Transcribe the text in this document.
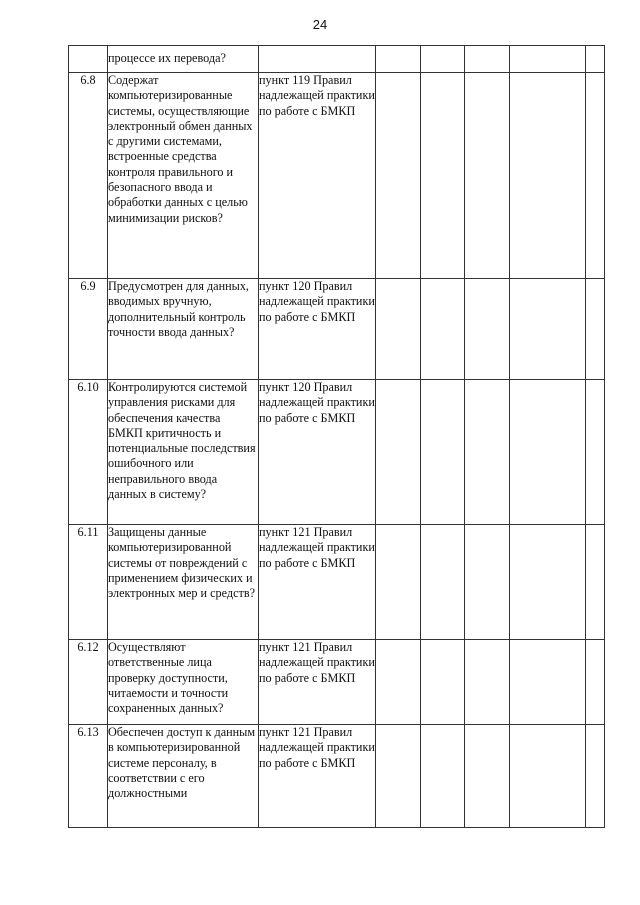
24
	процессе их перевода?						
6.8	Содержат компьютеризированные системы, осуществляющие электронный обмен данных с другими системами, встроенные средства контроля правильного и безопасного ввода и обработки данных с целью минимизации рисков?	пункт 119 Правил надлежащей практики по работе с БМКП					
6.9	Предусмотрен для данных, вводимых вручную, дополнительный контроль точности ввода данных?	пункт 120 Правил надлежащей практики по работе с БМКП					
6.10	Контролируются системой управления рисками для обеспечения качества БМКП критичность и потенциальные последствия ошибочного или неправильного ввода данных в систему?	пункт 120 Правил надлежащей практики по работе с БМКП					
6.11	Защищены данные компьютеризированной системы от повреждений с применением физических и электронных мер и средств?	пункт 121 Правил надлежащей практики по работе с БМКП					
6.12	Осуществляют ответственные лица проверку доступности, читаемости и точности сохраненных данных?	пункт 121 Правил надлежащей практики по работе с БМКП					
6.13	Обеспечен доступ к данным в компьютеризированной системе персоналу, в соответствии с его должностными	пункт 121 Правил надлежащей практики по работе с БМКП					
